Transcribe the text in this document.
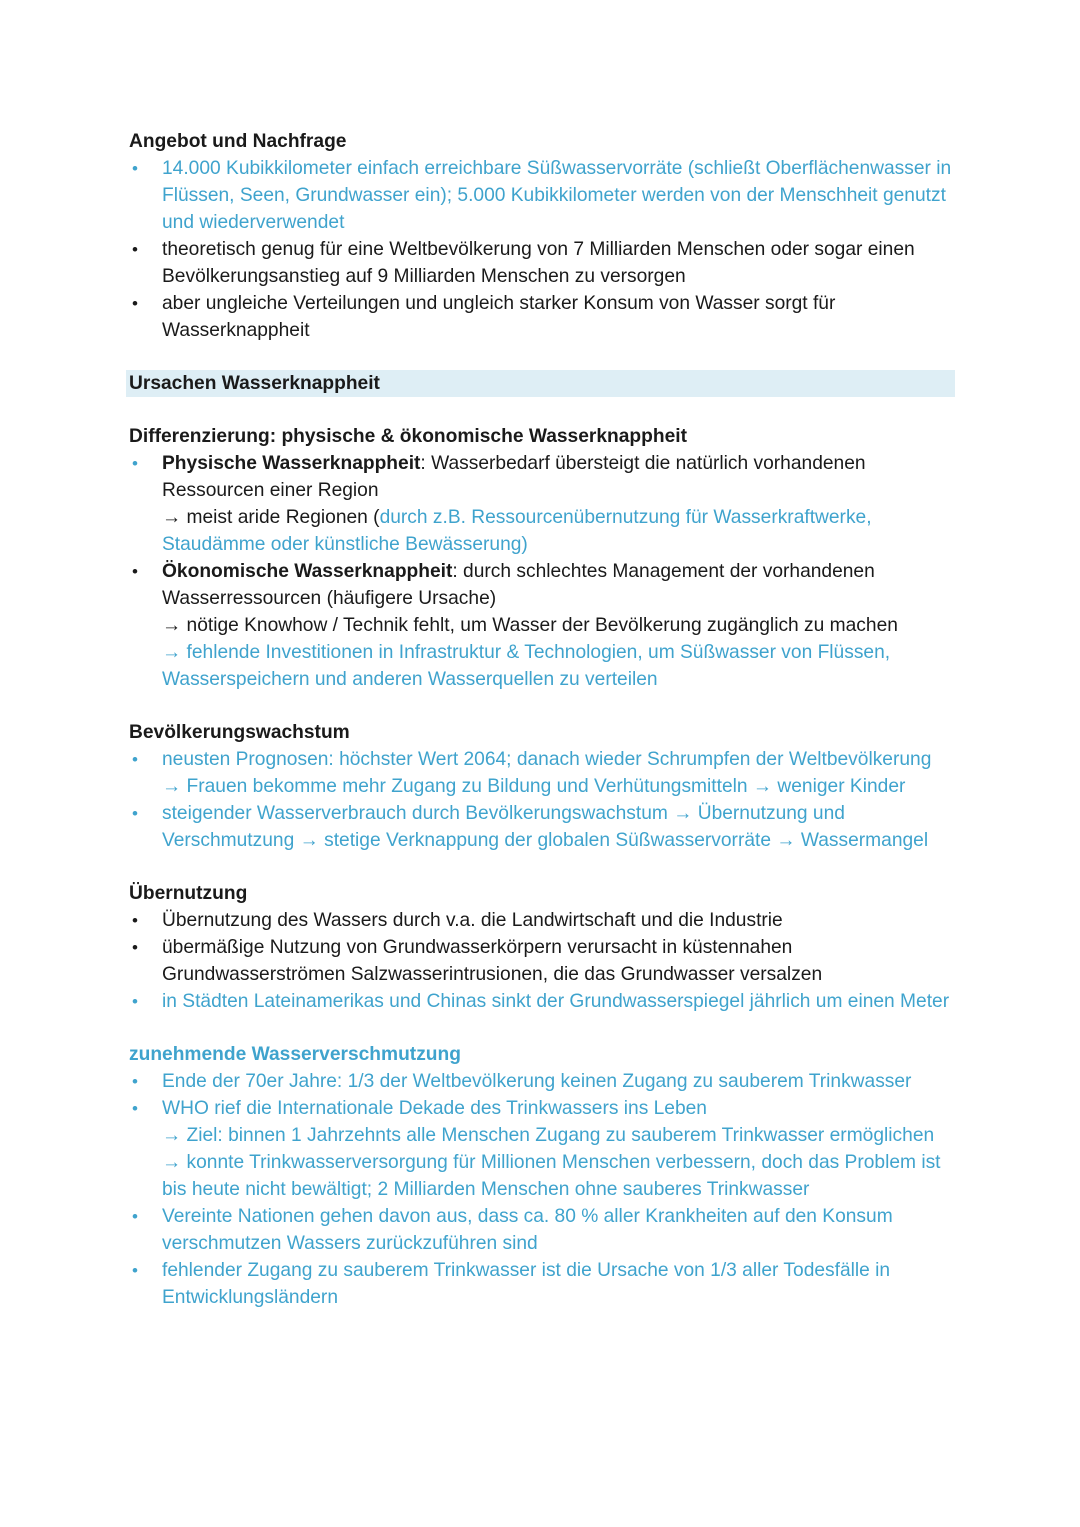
Angebot und Nachfrage

• 14.000 Kubikkilometer einfach erreichbare Süßwasservorräte (schließt Oberflächenwasser in Flüssen, Seen, Grundwasser ein); 5.000 Kubikkilometer werden von der Menschheit genutzt und wiederverwendet
• theoretisch genug für eine Weltbevölkerung von 7 Milliarden Menschen oder sogar einen Bevölkerungsanstieg auf 9 Milliarden Menschen zu versorgen
• aber ungleiche Verteilungen und ungleich starker Konsum von Wasser sorgt für Wasserknappheit

Ursachen Wasserknappheit

Differenzierung: physische & ökonomische Wasserknappheit

• Physische Wasserknappheit: Wasserbedarf übersteigt die natürlich vorhandenen Ressourcen einer Region
→ meist aride Regionen (durch z.B. Ressourcenübernutzung für Wasserkraftwerke, Staudämme oder künstliche Bewässerung)
• Ökonomische Wasserknappheit: durch schlechtes Management der vorhandenen Wasserressourcen (häufigere Ursache)
→ nötige Knowhow / Technik fehlt, um Wasser der Bevölkerung zugänglich zu machen
→ fehlende Investitionen in Infrastruktur & Technologien, um Süßwasser von Flüssen, Wasserspeichern und anderen Wasserquellen zu verteilen

Bevölkerungswachstum

• neusten Prognosen: höchster Wert 2064; danach wieder Schrumpfen der Weltbevölkerung
→ Frauen bekomme mehr Zugang zu Bildung und Verhütungsmitteln → weniger Kinder
• steigender Wasserverbrauch durch Bevölkerungswachstum → Übernutzung und Verschmutzung → stetige Verknappung der globalen Süßwasservorräte → Wassermangel

Übernutzung

• Übernutzung des Wassers durch v.a. die Landwirtschaft und die Industrie
• übermäßige Nutzung von Grundwasserkörpern verursacht in küstennahen Grundwasserströmen Salzwasserintrusionen, die das Grundwasser versalzen
• in Städten Lateinamerikas und Chinas sinkt der Grundwasserspiegel jährlich um einen Meter

zunehmende Wasserverschmutzung

• Ende der 70er Jahre: 1/3 der Weltbevölkerung keinen Zugang zu sauberem Trinkwasser
• WHO rief die Internationale Dekade des Trinkwassers ins Leben
→ Ziel: binnen 1 Jahrzehnts alle Menschen Zugang zu sauberem Trinkwasser ermöglichen
→ konnte Trinkwasserversorgung für Millionen Menschen verbessern, doch das Problem ist bis heute nicht bewältigt; 2 Milliarden Menschen ohne sauberes Trinkwasser
• Vereinte Nationen gehen davon aus, dass ca. 80 % aller Krankheiten auf den Konsum verschmutzen Wassers zurückzuführen sind
• fehlender Zugang zu sauberem Trinkwasser ist die Ursache von 1/3 aller Todesfälle in Entwicklungsländern
